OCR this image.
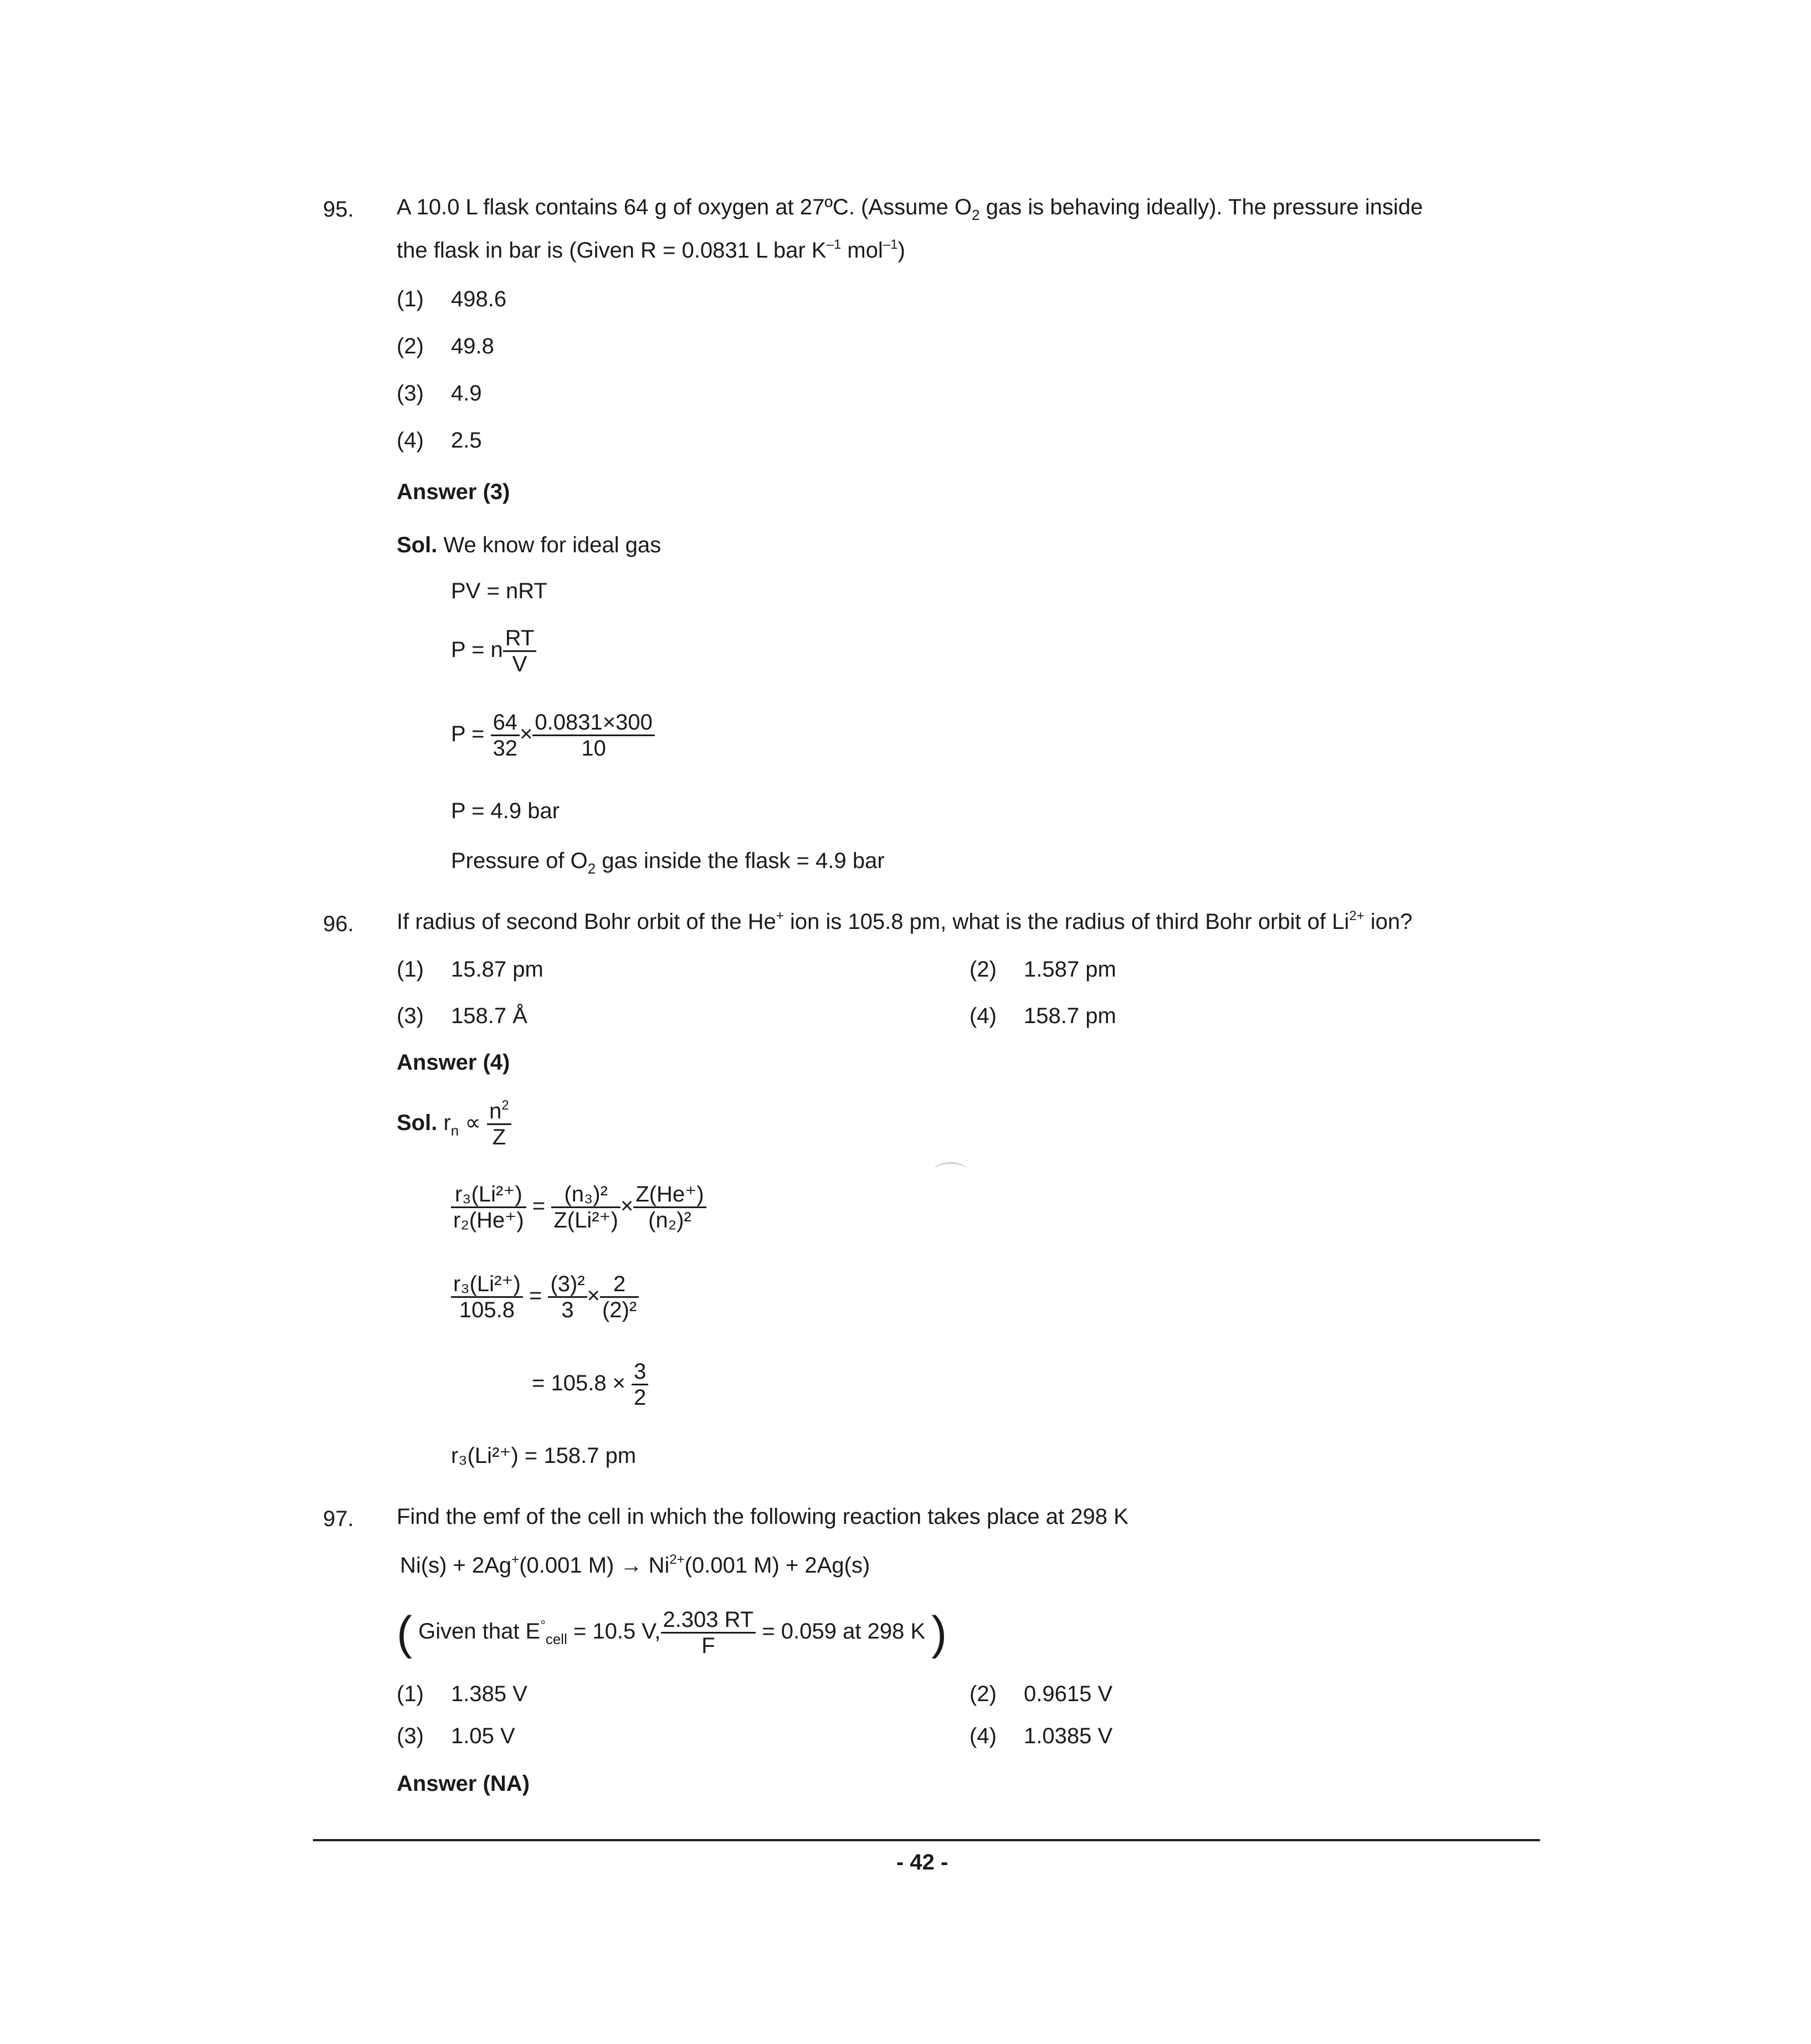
95. A 10.0 L flask contains 64 g of oxygen at 27ºC. (Assume $O_2$ gas is behaving ideally). The pressure inside
the flask in bar is (Given R = 0.0831 L bar $K^{-1}$ mol$^{-1}$)
(1) 498.6
(2) 49.8
(3) 4.9
(4) 2.5
Answer (3)
Sol. We know for ideal gas
PV = nRT
P = n $\frac{RT}{V}$
$P = \frac{64}{32} \times \frac{0.0831\times 300}{10}$
P = 4.9 bar
Pressure of $O_2$ gas inside the flask = 4.9 bar
96. If radius of second Bohr orbit of the He+ ion is 105.8 pm, what is the radius of third Bohr orbit of $Li^{2+}$ ion?
(1) 15.87 pm	(2) 1.587 pm
(3) 158.7 Å	(4) 158.7 pm
Answer (4)
Sol. $r_n \propto \frac{n^2}{Z}$
$\frac{\text{r₃(Li²⁺)}}{\text{r₂(He⁺)}} = \frac{\text{(n₃)²}}{\text{Z(Li²⁺)}} \times \frac{Z(He^+)}{\text{(n₂)²}}$
$\frac{\text{r₃(Li²⁺)}}{105.8} = \frac{\text{(3)²}}{3} \times \frac{2}{\text{(2)²}}$
= $105.8 \times \frac{3}{2}$
r₃(Li²⁺) = 158.7 pm
97. Find the emf of the cell in which the following reaction takes place at 298 K
Ni(s) + 2Ag+(0.001 $M) \to Ni^{2+}(0.001$ M) + 2Ag(s)
( Given that $E^\circ_{cell} = 10.5$ V, $\frac{2.303 RT}{F} = 0.059$ at 298 K )
(1) 1.385 V	(2) 0.9615 V
(3) 1.05 V	(4) 1.0385 V
Answer (NA)
- 42 -
